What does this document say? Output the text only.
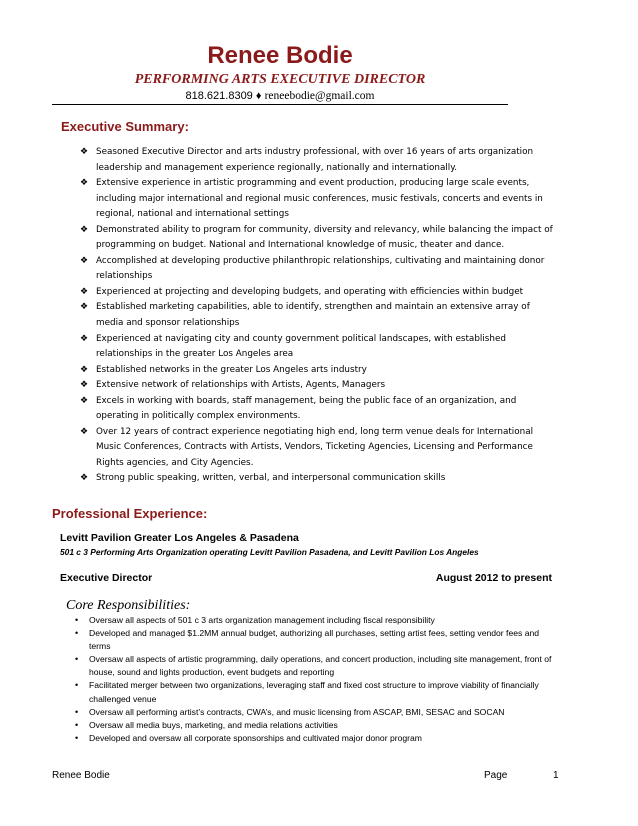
Renee Bodie
PERFORMING ARTS EXECUTIVE DIRECTOR
818.621.8309 ♦ reneebodie@gmail.com
Executive Summary:
❖ Seasoned Executive Director and arts industry professional, with over 16 years of arts organization leadership and management experience regionally, nationally and internationally.
❖ Extensive experience in artistic programming and event production, producing large scale events, including major international and regional music conferences, music festivals, concerts and events in regional, national and international settings
❖ Demonstrated ability to program for community, diversity and relevancy, while balancing the impact of programming on budget. National and International knowledge of music, theater and dance.
❖ Accomplished at developing productive philanthropic relationships, cultivating and maintaining donor relationships
❖ Experienced at projecting and developing budgets, and operating with efficiencies within budget
❖ Established marketing capabilities, able to identify, strengthen and maintain an extensive array of media and sponsor relationships
❖ Experienced at navigating city and county government political landscapes, with established relationships in the greater Los Angeles area
❖ Established networks in the greater Los Angeles arts industry
❖ Extensive network of relationships with Artists, Agents, Managers
❖ Excels in working with boards, staff management, being the public face of an organization, and operating in politically complex environments.
❖ Over 12 years of contract experience negotiating high end, long term venue deals for International Music Conferences, Contracts with Artists, Vendors, Ticketing Agencies, Licensing and Performance Rights agencies, and City Agencies.
❖ Strong public speaking, written, verbal, and interpersonal communication skills
Professional Experience:
Levitt Pavilion Greater Los Angeles & Pasadena
501 c 3 Performing Arts Organization operating Levitt Pavilion Pasadena, and Levitt Pavilion Los Angeles
Executive Director	August 2012 to present
Core Responsibilities:
• Oversaw all aspects of 501 c 3 arts organization management including fiscal responsibility
• Developed and managed $1.2MM annual budget, authorizing all purchases, setting artist fees, setting vendor fees and terms
• Oversaw all aspects of artistic programming, daily operations, and concert production, including site management, front of house, sound and lights production, event budgets and reporting
• Facilitated merger between two organizations, leveraging staff and fixed cost structure to improve viability of financially challenged venue
• Oversaw all performing artist’s contracts, CWA’s, and music licensing from ASCAP, BMI, SESAC and SOCAN
• Oversaw all media buys, marketing, and media relations activities
• Developed and oversaw all corporate sponsorships and cultivated major donor program
Renee Bodie	Page	1
